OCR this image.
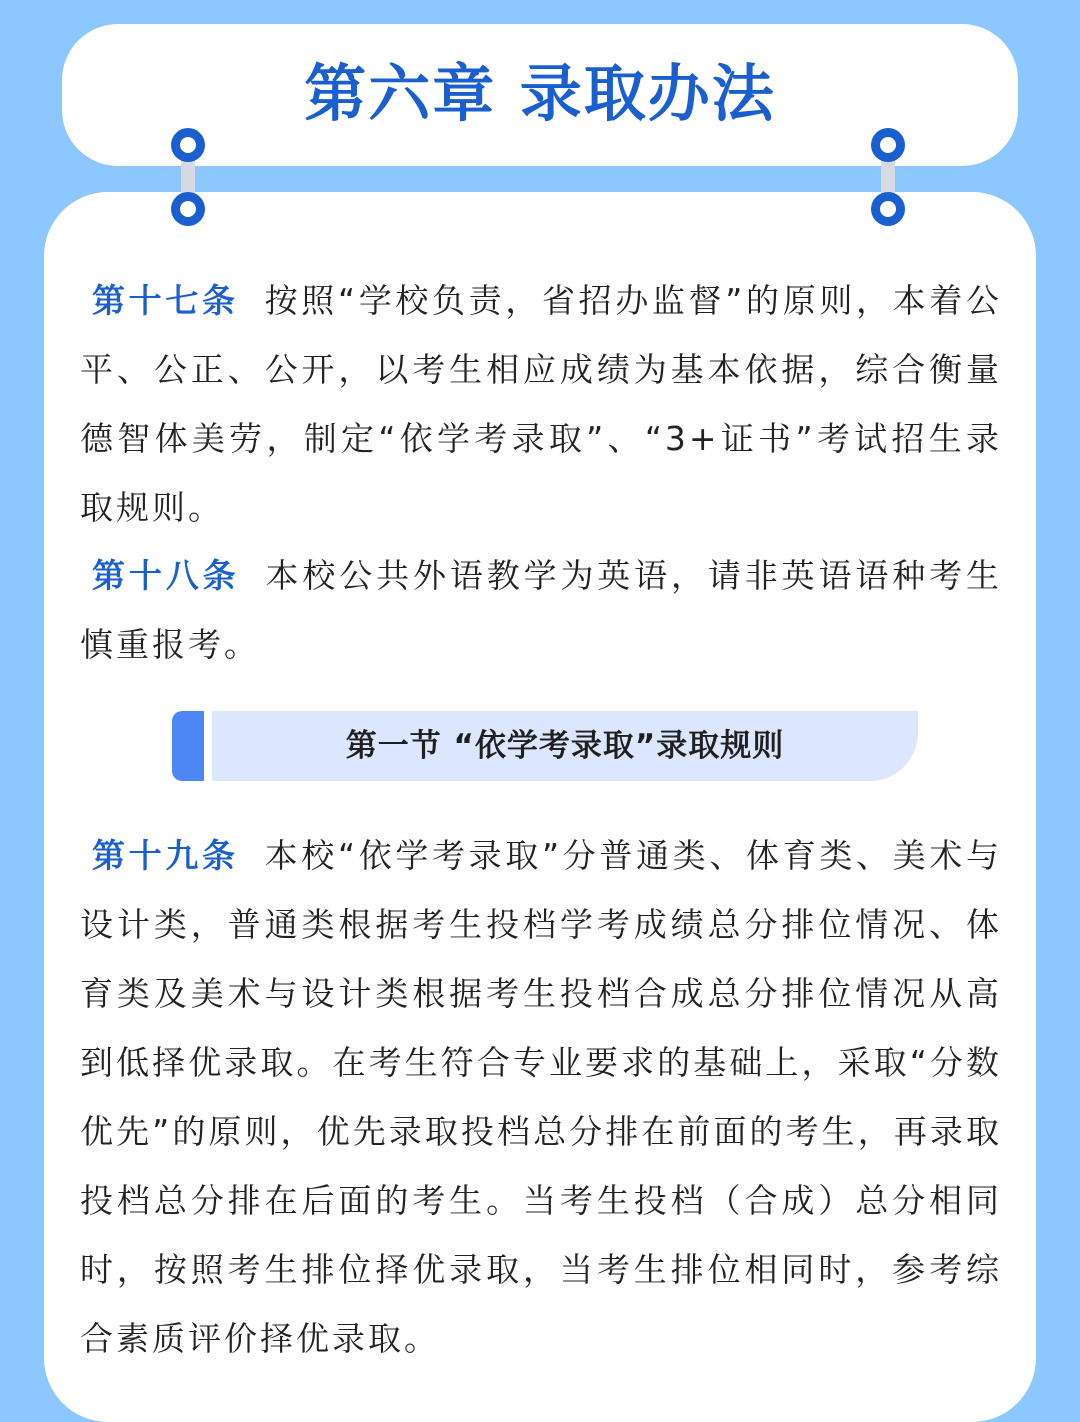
第六章 录取办法
第十七条 按照“学校负责，省招办监督”的原则，本着公平、公正、公开，以考生相应成绩为基本依据，综合衡量德智体美劳，制定“依学考录取”、“3+证书”考试招生录取规则。
第十八条 本校公共外语教学为英语，请非英语语种考生慎重报考。
第一节 “依学考录取”录取规则
第十九条 本校“依学考录取”分普通类、体育类、美术与设计类，普通类根据考生投档学考成绩总分排位情况、体育类及美术与设计类根据考生投档合成总分排位情况从高到低择优录取。在考生符合专业要求的基础上，采取“分数优先”的原则，优先录取投档总分排在前面的考生，再录取投档总分排在后面的考生。当考生投档（合成）总分相同时，按照考生排位择优录取，当考生排位相同时，参考综合素质评价择优录取。
